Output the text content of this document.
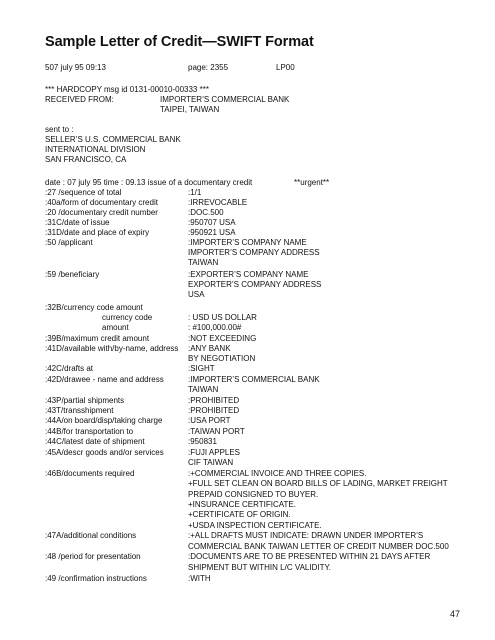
Sample Letter of Credit—SWIFT Format
507 july 95 09:13	page: 2355	LP00
*** HARDCOPY msg id 0131-00010-00333 ***
RECEIVED FROM:	IMPORTER’S COMMERCIAL BANK
TAIPEI, TAIWAN
sent to :
SELLER’S U.S. COMMERCIAL BANK
INTERNATIONAL DIVISION
SAN FRANCISCO, CA
date : 07 july 95 time : 09.13 issue of a documentary credit	**urgent**
:27 /sequence of total	:1/1
:40a/form of documentary credit	:IRREVOCABLE
:20 /documentary credit number	:DOC.500
:31C/date of issue	:950707 USA
:31D/date and place of expiry	:950921 USA
:50 /applicant	:IMPORTER’S COMPANY NAME
IMPORTER’S COMPANY ADDRESS
TAIWAN
:59 /beneficiary	:EXPORTER’S COMPANY NAME
EXPORTER’S COMPANY ADDRESS
USA
:32B/currency code amount
currency code	: USD US DOLLAR
amount	: #100,000.00#
:39B/maximum credit amount	:NOT EXCEEDING
:41D/available with/by-name, address :ANY BANK
BY NEGOTIATION
:42C/drafts at	:SIGHT
:42D/drawee - name and address	:IMPORTER’S COMMERCIAL BANK
TAIWAN
:43P/partial shipments	:PROHIBITED
:43T/transshipment	:PROHIBITED
:44A/on board/disp/taking charge	:USA PORT
:44B/for transportation to	:TAIWAN PORT
:44C/latest date of shipment	:950831
:45A/descr goods and/or services	:FUJI APPLES
CIF TAIWAN
:46B/documents required	:+COMMERCIAL INVOICE AND THREE COPIES.
+FULL SET CLEAN ON BOARD BILLS OF LADING, MARKET FREIGHT
PREPAID CONSIGNED TO BUYER.
+INSURANCE CERTIFICATE.
+CERTIFICATE OF ORIGIN.
+USDA INSPECTION CERTIFICATE.
:47A/additional conditions	:+ALL DRAFTS MUST INDICATE: DRAWN UNDER IMPORTER’S
COMMERCIAL BANK TAIWAN LETTER OF CREDIT NUMBER DOC.500
:48 /period for presentation	:DOCUMENTS ARE TO BE PRESENTED WITHIN 21 DAYS AFTER
SHIPMENT BUT WITHIN L/C VALIDITY.
:49 /confirmation instructions	:WITH
47
